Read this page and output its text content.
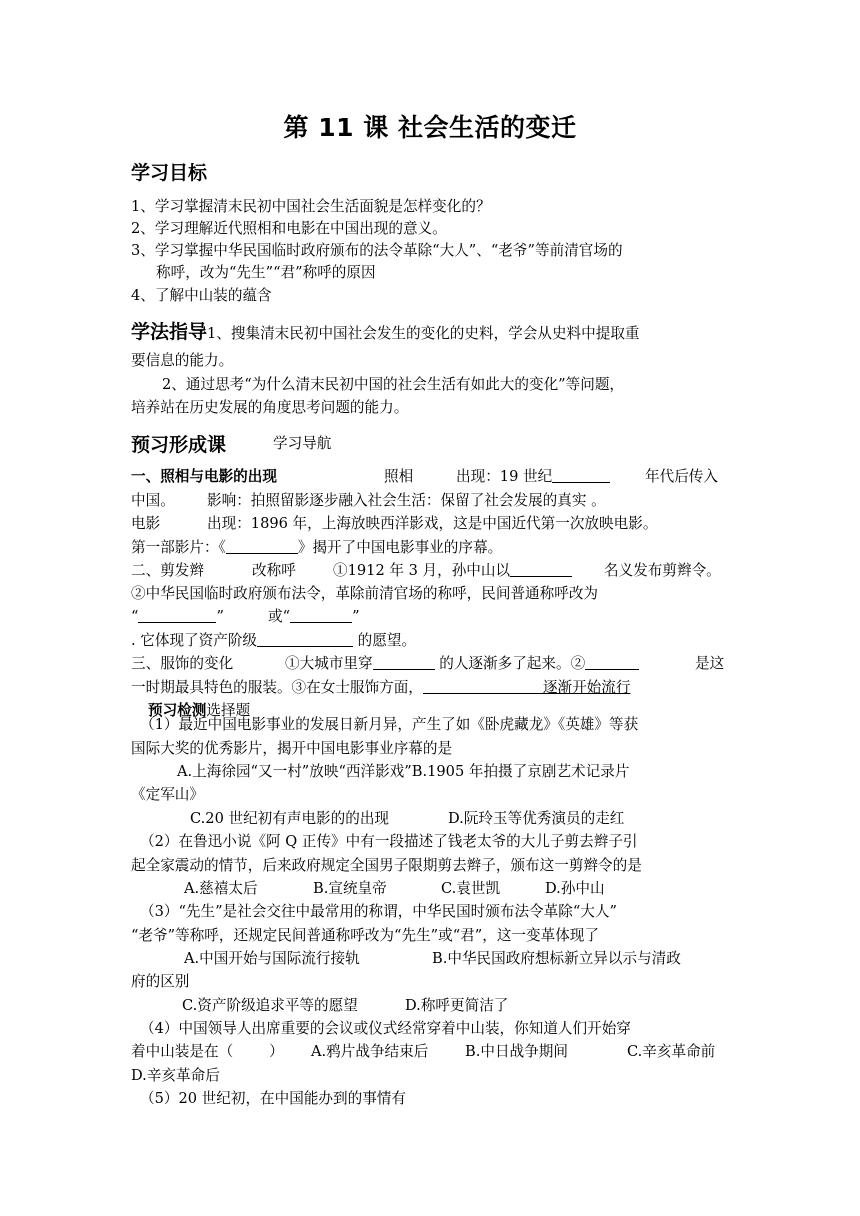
第 11 课 社会生活的变迁
学习目标
1、学习掌握清末民初中国社会生活面貌是怎样变化的？
2、学习理解近代照相和电影在中国出现的意义。
3、学习掌握中华民国临时政府颁布的法令革除“大人”、“老爷”等前清官场的
称呼，改为“先生”“君”称呼的原因
4、了解中山装的蕴含
学法指导1、搜集清末民初中国社会发生的变化的史料，学会从史料中提取重
要信息的能力。
2、通过思考“为什么清末民初中国的社会生活有如此大的变化”等问题，
培养站在历史发展的角度思考问题的能力。
预习形成课	学习导航
一、照相与电影的出现	照相	出现：19 世纪	年代后传入
中国。 影响：拍照留影逐步融入社会生活：保留了社会发展的真实 。
电影	出现：1896 年，上海放映西洋影戏，这是中国近代第一次放映电影。
第一部影片：《	》揭开了中国电影事业的序幕。
二、剪发辫	改称呼	①1912 年 3 月，孙中山以	名义发布剪辫令。
②中华民国临时政府颁布法令，革除前清官场的称呼，民间普通称呼改为
“	”	或“	”
. 它体现了资产阶级	的愿望。
三、服饰的变化	①大城市里穿	的人逐渐多了起来。②	是这
一时期最具特色的服装。③在女士服饰方面，	逐渐开始流行
预习检测选择题
（1）最近中国电影事业的发展日新月异，产生了如《卧虎藏龙》《英雄》等获
国际大奖的优秀影片，揭开中国电影事业序幕的是
A.上海徐园“又一村”放映“西洋影戏”B.1905 年拍摄了京剧艺术记录片
《定军山》
C.20 世纪初有声电影的的出现	D.阮玲玉等优秀演员的走红
（2）在鲁迅小说《阿 Q 正传》中有一段描述了钱老太爷的大儿子剪去辫子引
起全家震动的情节，后来政府规定全国男子限期剪去辫子，颁布这一剪辫令的是
A.慈禧太后	B.宣统皇帝	C.袁世凯	D.孙中山
（3）“先生”是社会交往中最常用的称谓，中华民国时颁布法令革除“大人”
“老爷”等称呼，还规定民间普通称呼改为“先生”或“君”，这一变革体现了
A.中国开始与国际流行接轨	B.中华民国政府想标新立异以示与清政
府的区别
C.资产阶级追求平等的愿望	D.称呼更简洁了
（4）中国领导人出席重要的会议或仪式经常穿着中山装，你知道人们开始穿
着中山装是在（ ） A.鸦片战争结束后	B.中日战争期间	C.辛亥革命前
D.辛亥革命后
（5）20 世纪初，在中国能办到的事情有
